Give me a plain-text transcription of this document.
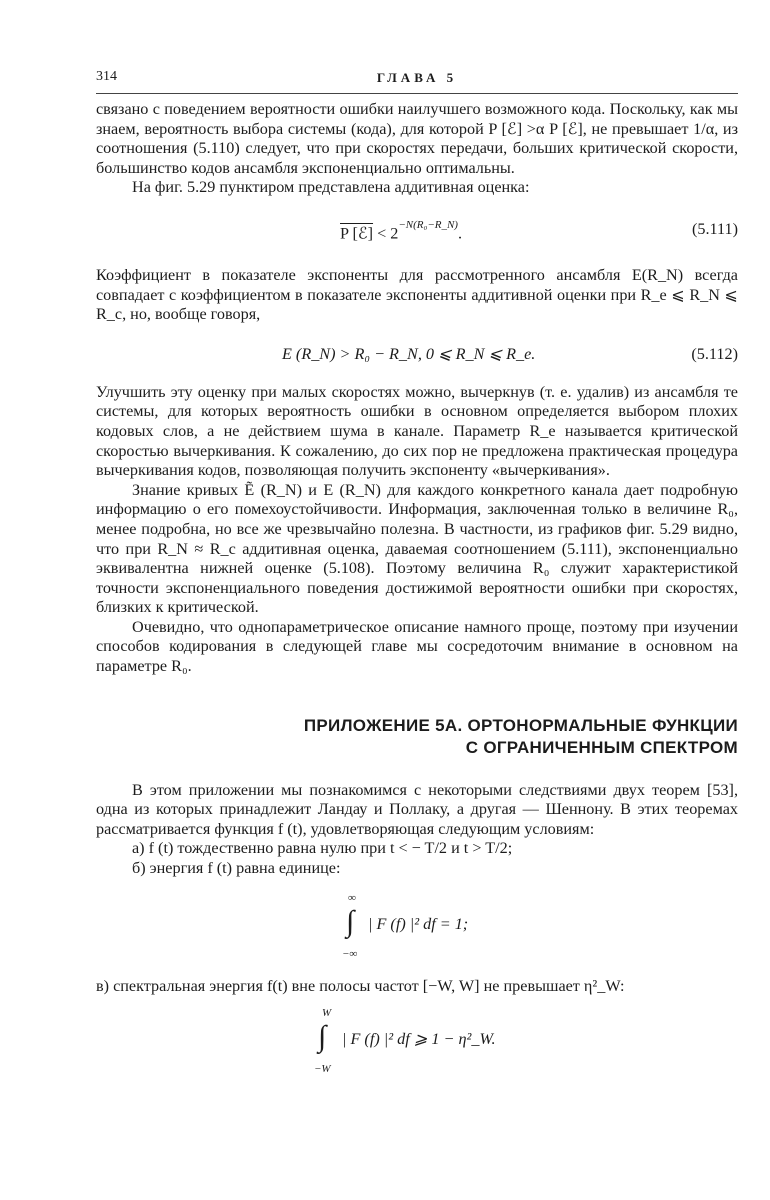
314	ГЛАВА 5

связано с поведением вероятности ошибки наилучшего возможного кода. Поскольку, как мы знаем, вероятность выбора системы (кода), для которой P [ℰ] >α P [ℰ], не превышает 1/α, из соотношения (5.110) следует, что при скоростях передачи, больших критической скорости, большинство кодов ансамбля экспоненциально оптимальны.

На фиг. 5.29 пунктиром представлена аддитивная оценка:

P [ℰ] < $2^{-N(R_0-R\_N)}$.	(5.111)

Коэффициент в показателе экспоненты для рассмотренного ансамбля E(R_N) всегда совпадает с коэффициентом в показателе экспоненты аддитивной оценки при R_e ⩽ R_N ⩽ R_c, но, вообще говоря,

E (R_N) > R₀ − R_N, 0 ⩽ R_N ⩽ R_e.	(5.112)

Улучшить эту оценку при малых скоростях можно, вычеркнув (т. е. удалив) из ансамбля те системы, для которых вероятность ошибки в основном определяется выбором плохих кодовых слов, а не действием шума в канале. Параметр R_e называется критической скоростью вычеркивания. К сожалению, до сих пор не предложена практическая процедура вычеркивания кодов, позволяющая получить экспоненту «вычеркивания».

Знание кривых Ẽ (R_N) и E (R_N) для каждого конкретного канала дает подробную информацию о его помехоустойчивости. Информация, заключенная только в величине R₀, менее подробна, но все же чрезвычайно полезна. В частности, из графиков фиг. 5.29 видно, что при R_N ≈ R_c аддитивная оценка, даваемая соотношением (5.111), экспоненциально эквивалентна нижней оценке (5.108). Поэтому величина R₀ служит характеристикой точности экспоненциального поведения достижимой вероятности ошибки при скоростях, близких к критической.

Очевидно, что однопараметрическое описание намного проще, поэтому при изучении способов кодирования в следующей главе мы сосредоточим внимание в основном на параметре R₀.

ПРИЛОЖЕНИЕ 5А. ОРТОНОРМАЛЬНЫЕ ФУНКЦИИ
С ОГРАНИЧЕННЫМ СПЕКТРОМ

В этом приложении мы познакомимся с некоторыми следствиями двух теорем [53], одна из которых принадлежит Ландау и Поллаку, а другая — Шеннону. В этих теоремах рассматривается функция f (t), удовлетворяющая следующим условиям:

а) f (t) тождественно равна нулю при t < − T/2 и t > T/2;

б) энергия f (t) равна единице:

∞
∫
−∞
| F (f) |² df = 1;

в) спектральная энергия f(t) вне полосы частот [−W, W] не превышает η²_W:

W
∫
−W
| F (f) |² df ⩾ 1 − η²_W.
